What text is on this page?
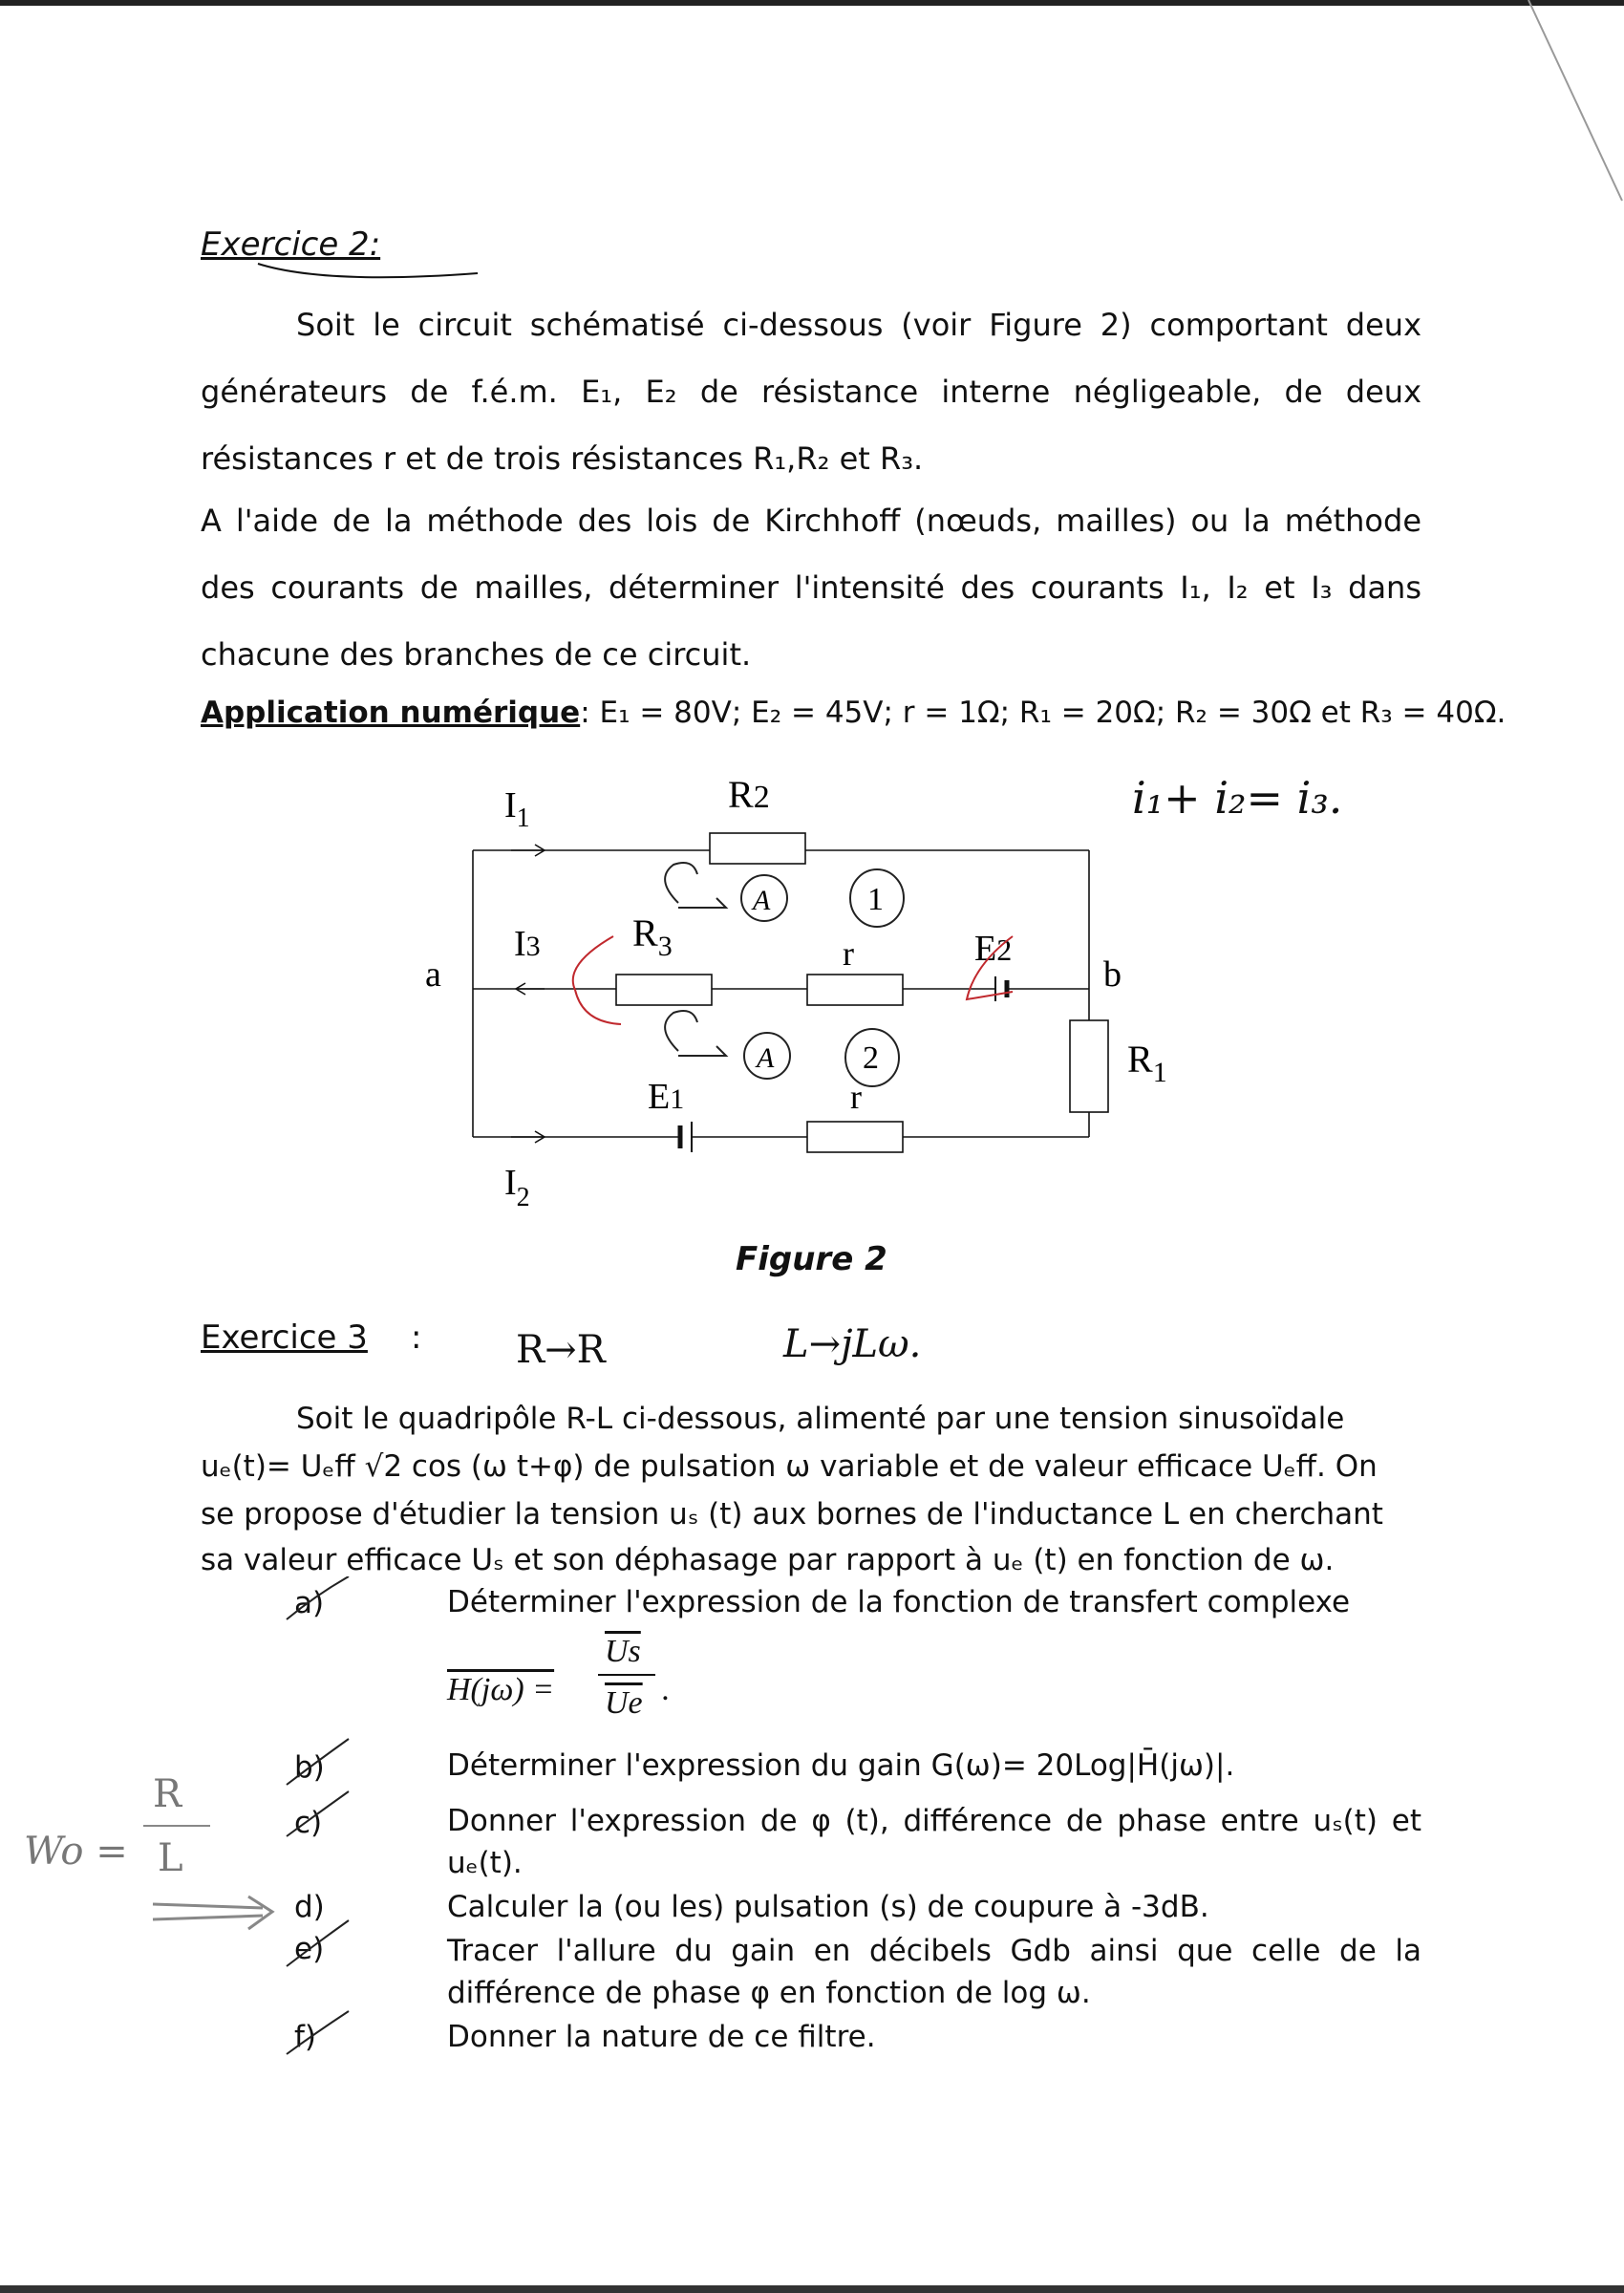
Exercice 2:
Soit le circuit schématisé ci-dessous (voir Figure 2) comportant deux générateurs de f.é.m. E₁, E₂ de résistance interne négligeable, de deux résistances r et de trois résistances R₁,R₂ et R₃.
A l'aide de la méthode des lois de Kirchhoff (nœuds, mailles) ou la méthode des courants de mailles, déterminer l'intensité des courants I₁, I₂ et I₃ dans chacune des branches de ce circuit.
Application numérique: E₁ = 80V; E₂ = 45V; r = 1Ω; R₁ = 20Ω; R₂ = 30Ω et R₃ = 40Ω.
i₁+ i₂= i₃.
$I_1$
R2
I3 $R_3$	r	E2
a	b
$R_1$
E1	r
$I_2$
A
A
1
2
Figure 2
Exercice 3 : R→R	L→jLω.
Soit le quadripôle R-L ci-dessous, alimenté par une tension sinusoïdale
uₑ(t)= Uₑff √2 cos (ω t+φ) de pulsation ω variable et de valeur efficace Uₑff. On
se propose d'étudier la tension uₛ (t) aux bornes de l'inductance L en cherchant
sa valeur efficace Uₛ et son déphasage par rapport à uₑ (t) en fonction de ω.
a)	Déterminer l'expression de la fonction de transfert complexe
H(jω) =
$\overline{Us}$
$\overline{Ue}$ .
b)	Déterminer l'expression du gain G(ω)= 20Log|H̄(jω)|.
c)	Donner l'expression de φ (t), différence de phase entre uₛ(t) et uₑ(t).
d)	Calculer la (ou les) pulsation (s) de coupure à -3dB.
e)	Tracer l'allure du gain en décibels Gdb ainsi que celle de la différence de phase φ en fonction de log ω.
f)	Donner la nature de ce filtre.
Wo =
R
L
